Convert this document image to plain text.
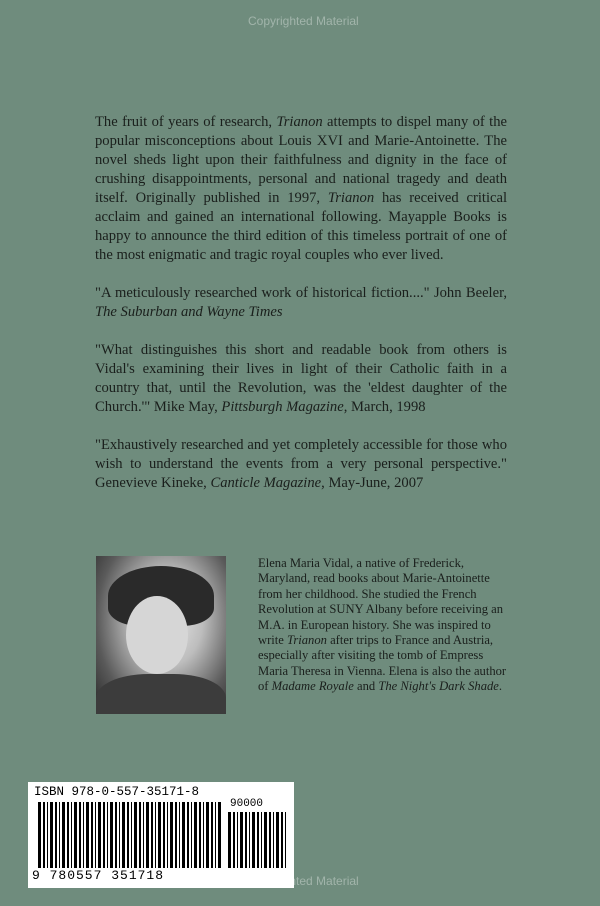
Copyrighted Material

The fruit of years of research, Trianon attempts to dispel many of the popular misconceptions about Louis XVI and Marie-Antoinette. The novel sheds light upon their faithfulness and dignity in the face of crushing disappointments, personal and national tragedy and death itself. Originally published in 1997, Trianon has received critical acclaim and gained an international following. Mayapple Books is happy to announce the third edition of this timeless portrait of one of the most enigmatic and tragic royal couples who ever lived.

"A meticulously researched work of historical fiction...." John Beeler, The Suburban and Wayne Times

"What distinguishes this short and readable book from others is Vidal's examining their lives in light of their Catholic faith in a country that, until the Revolution, was the 'eldest daughter of the Church.'" Mike May, Pittsburgh Magazine, March, 1998

"Exhaustively researched and yet completely accessible for those who wish to understand the events from a very personal perspective." Genevieve Kineke, Canticle Magazine, May-June, 2007

Elena Maria Vidal, a native of Frederick, Maryland, read books about Marie-Antoinette from her childhood. She studied the French Revolution at SUNY Albany before receiving an M.A. in European history. She was inspired to write Trianon after trips to France and Austria, especially after visiting the tomb of Empress Maria Theresa in Vienna. Elena is also the author of Madame Royale and The Night's Dark Shade.
ISBN 978-0-557-35171-8
90000
9 780557 351718	Copyrighted Material
